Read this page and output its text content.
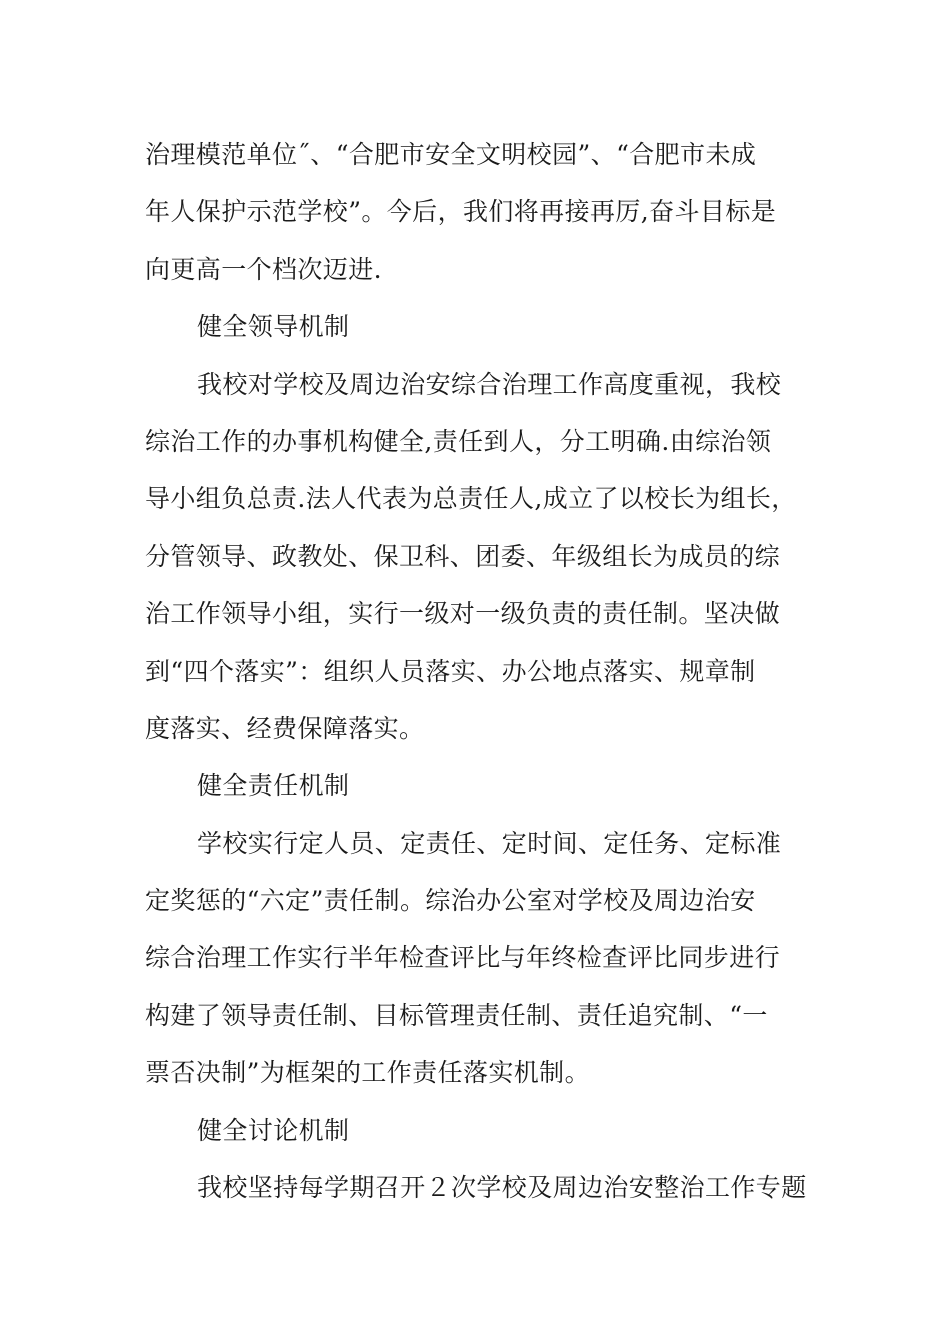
治理模范单位˝、“合肥市安全文明校园”、“合肥市未成
年人保护示范学校”。今后，我们将再接再厉,奋斗目标是
向更高一个档次迈进.
健全领导机制
我校对学校及周边治安综合治理工作高度重视，我校
综治工作的办事机构健全,责任到人，分工明确.由综治领
导小组负总责.法人代表为总责任人,成立了以校长为组长，
分管领导、政教处、保卫科、团委、年级组长为成员的综
治工作领导小组，实行一级对一级负责的责任制。坚决做
到“四个落实”：组织人员落实、办公地点落实、规章制
度落实、经费保障落实。
健全责任机制
学校实行定人员、定责任、定时间、定任务、定标准
定奖惩的“六定”责任制。综治办公室对学校及周边治安
综合治理工作实行半年检查评比与年终检查评比同步进行
构建了领导责任制、目标管理责任制、责任追究制、“一
票否决制”为框架的工作责任落实机制。
健全讨论机制
我校坚持每学期召开２次学校及周边治安整治工作专题
